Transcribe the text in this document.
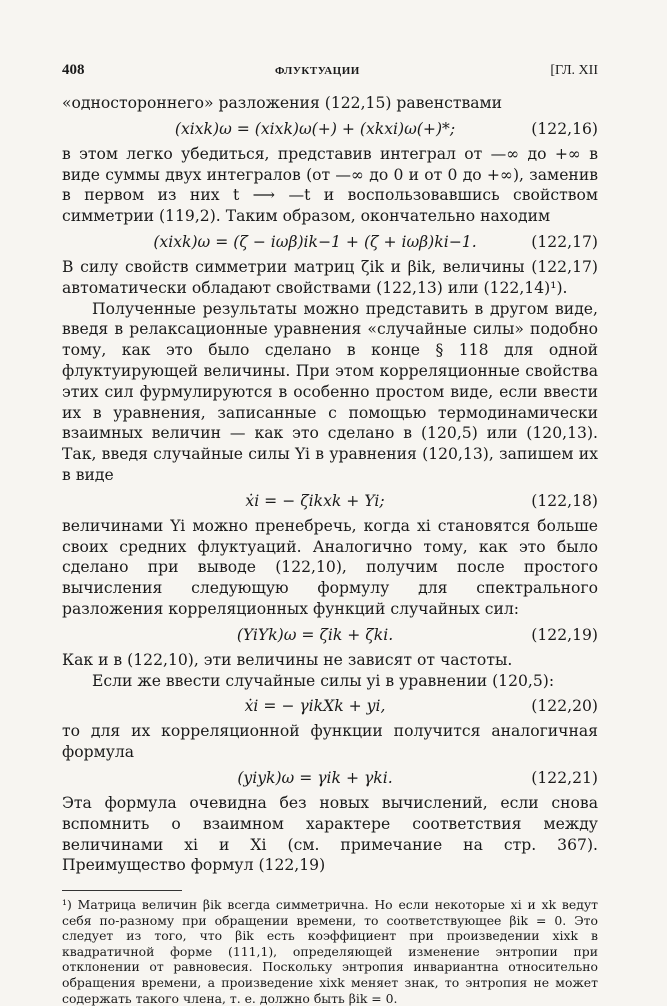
408	ФЛУКТУАЦИИ	[ГЛ. XII

«одностороннего» разложения (122,15) равенствами

(xixk)ω = (xixk)ω(+) + (xkxi)ω(+)*;	(122,16)

в этом легко убедиться, представив интеграл от —∞ до +∞ в виде суммы двух интегралов (от —∞ до 0 и от 0 до +∞), заменив в первом из них t ⟶ —t и воспользовавшись свойством симметрии (119,2). Таким образом, окончательно находим

(xixk)ω = (ζ − iωβ)ik−1 + (ζ + iωβ)ki−1.	(122,17)

В силу свойств симметрии матриц ζik и βik, величины (122,17) автоматически обладают свойствами (122,13) или (122,14)¹).

Полученные результаты можно представить в другом виде, введя в релаксационные уравнения «случайные силы» подобно тому, как это было сделано в конце § 118 для одной флуктуирующей величины. При этом корреляционные свойства этих сил фурмулируются в особенно простом виде, если ввести их в уравнения, записанные с помощью термодинамически взаимных величин — как это сделано в (120,5) или (120,13). Так, введя случайные силы Yi в уравнения (120,13), запишем их в виде

ẋi = − ζikxk + Yi;	(122,18)

величинами Yi можно пренебречь, когда xi становятся больше своих средних флуктуаций. Аналогично тому, как это было сделано при выводе (122,10), получим после простого вычисления следующую формулу для спектрального разложения корреляционных функций случайных сил:

(YiYk)ω = ζik + ζki.	(122,19)

Как и в (122,10), эти величины не зависят от частоты.

Если же ввести случайные силы yi в уравнении (120,5):

ẋi = − γikXk + yi,	(122,20)

то для их корреляционной функции получится аналогичная формула

(yiyk)ω = γik + γki.	(122,21)

Эта формула очевидна без новых вычислений, если снова вспомнить о взаимном характере соответствия между величинами xi и Xi (см. примечание на стр. 367). Преимущество формул (122,19)

¹) Матрица величин βik всегда симметрична. Но если некоторые xi и xk ведут себя по-разному при обращении времени, то соответствующее βik = 0. Это следует из того, что βik есть коэффициент при произведении xixk в квадратичной форме (111,1), определяющей изменение энтропии при отклонении от равновесия. Поскольку энтропия инвариантна относительно обращения времени, а произведение xixk меняет знак, то энтропия не может содержать такого члена, т. е. должно быть βik = 0.
